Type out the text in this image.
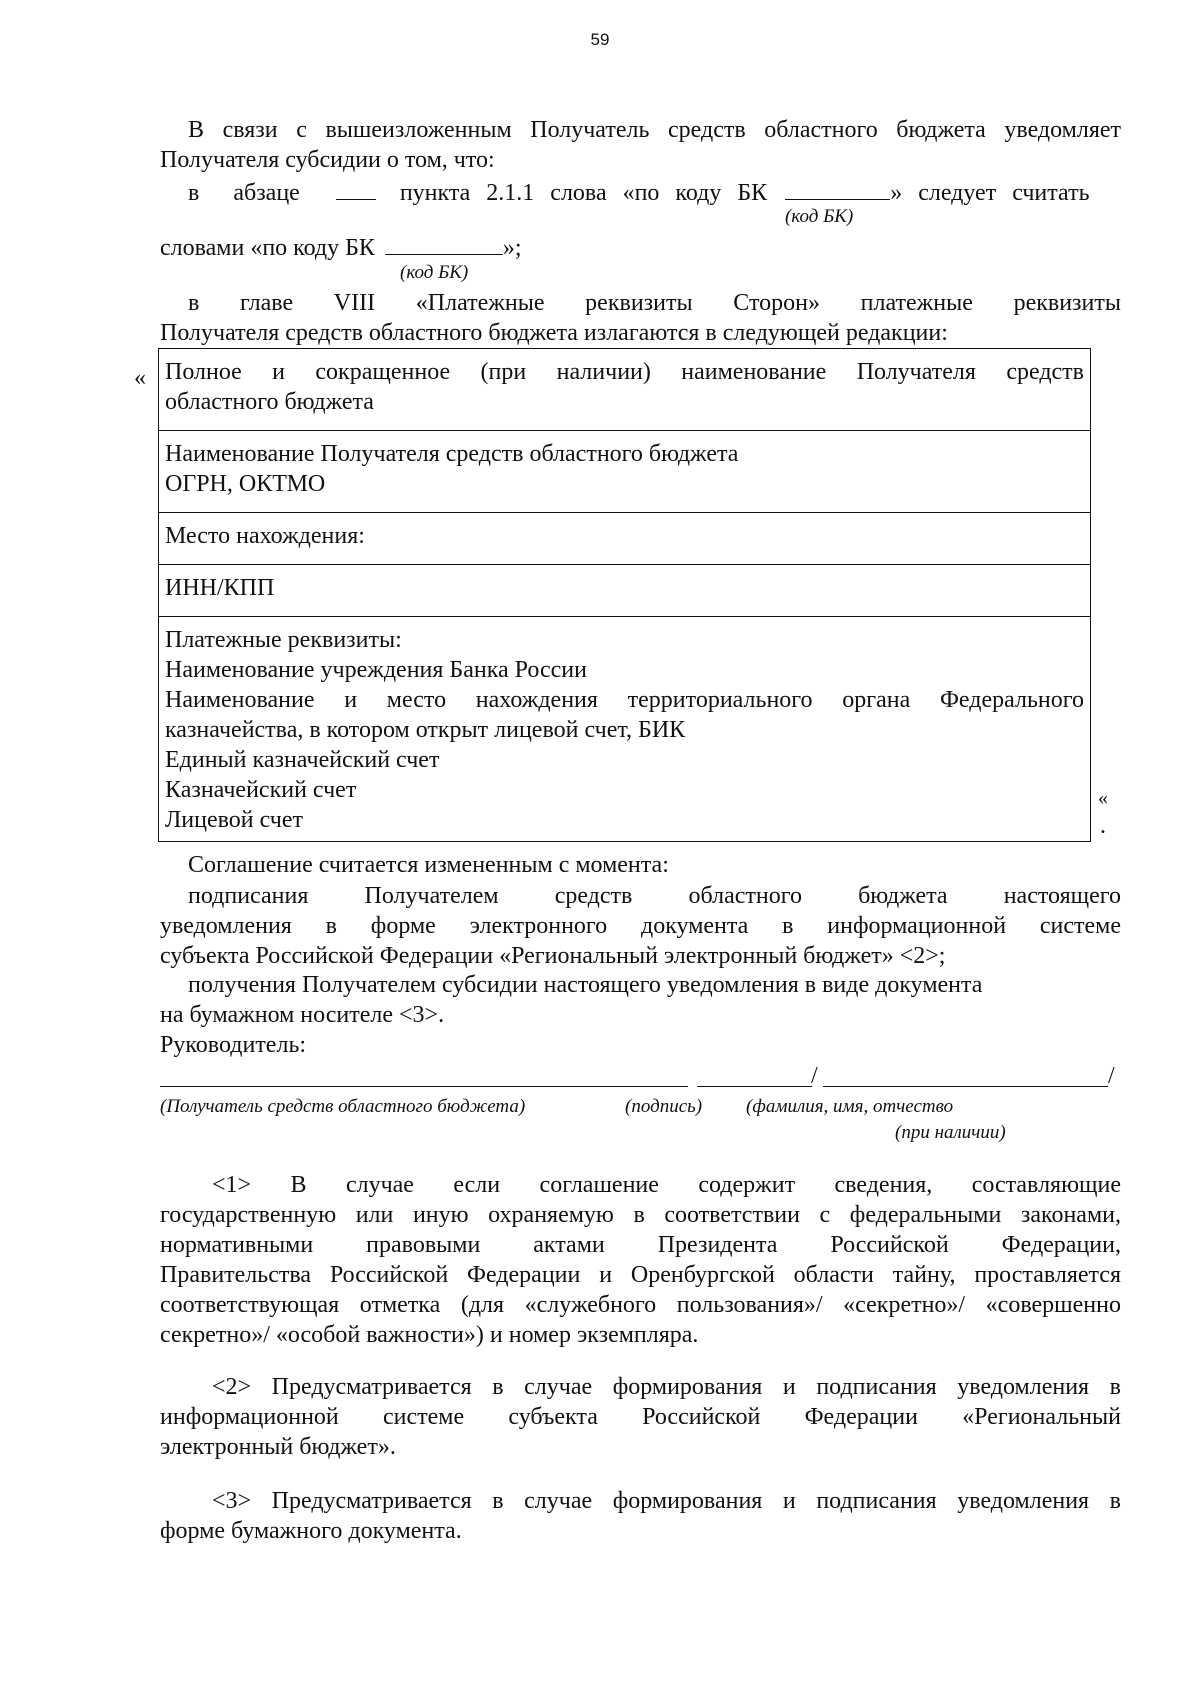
59
В связи с вышеизложенным Получатель средств областного бюджета уведомляет
Получателя субсидии о том, что:
в абзаце	пункта 2.1.1 слова «по коду БК	» следует считать
(код БК)
словами «по коду БК	»;
(код БК)
в главе VIII «Платежные реквизиты Сторон» платежные реквизиты
Получателя средств областного бюджета излагаются в следующей редакции:
« Полное и сокращенное (при наличии) наименование Получателя средств
областного бюджета

Наименование Получателя средств областного бюджета
ОГРН, ОКТМО

Место нахождения:

ИНН/КПП

Платежные реквизиты:
Наименование учреждения Банка России
Наименование и место нахождения территориального органа Федерального
казначейства, в котором открыт лицевой счет, БИК
Единый казначейский счет
Казначейский счет
Лицевой счет
«
.
Соглашение считается измененным с момента:
подписания Получателем средств областного бюджета настоящего
уведомления в форме электронного документа в информационной системе
субъекта Российской Федерации «Региональный электронный бюджет» <2>;
получения Получателем субсидии настоящего уведомления в виде документа
на бумажном носителе <3>.
Руководитель:
/	/
(Получатель средств областного бюджета)	(подпись) (фамилия, имя, отчество
(при наличии)
<1> В случае если соглашение содержит сведения, составляющие
государственную или иную охраняемую в соответствии с федеральными законами,
нормативными правовыми актами Президента Российской Федерации,
Правительства Российской Федерации и Оренбургской области тайну, проставляется
соответствующая отметка (для «служебного пользования»/ «секретно»/ «совершенно
секретно»/ «особой важности») и номер экземпляра.
<2> Предусматривается в случае формирования и подписания уведомления в
информационной системе субъекта Российской Федерации «Региональный
электронный бюджет».
<3> Предусматривается в случае формирования и подписания уведомления в
форме бумажного документа.
